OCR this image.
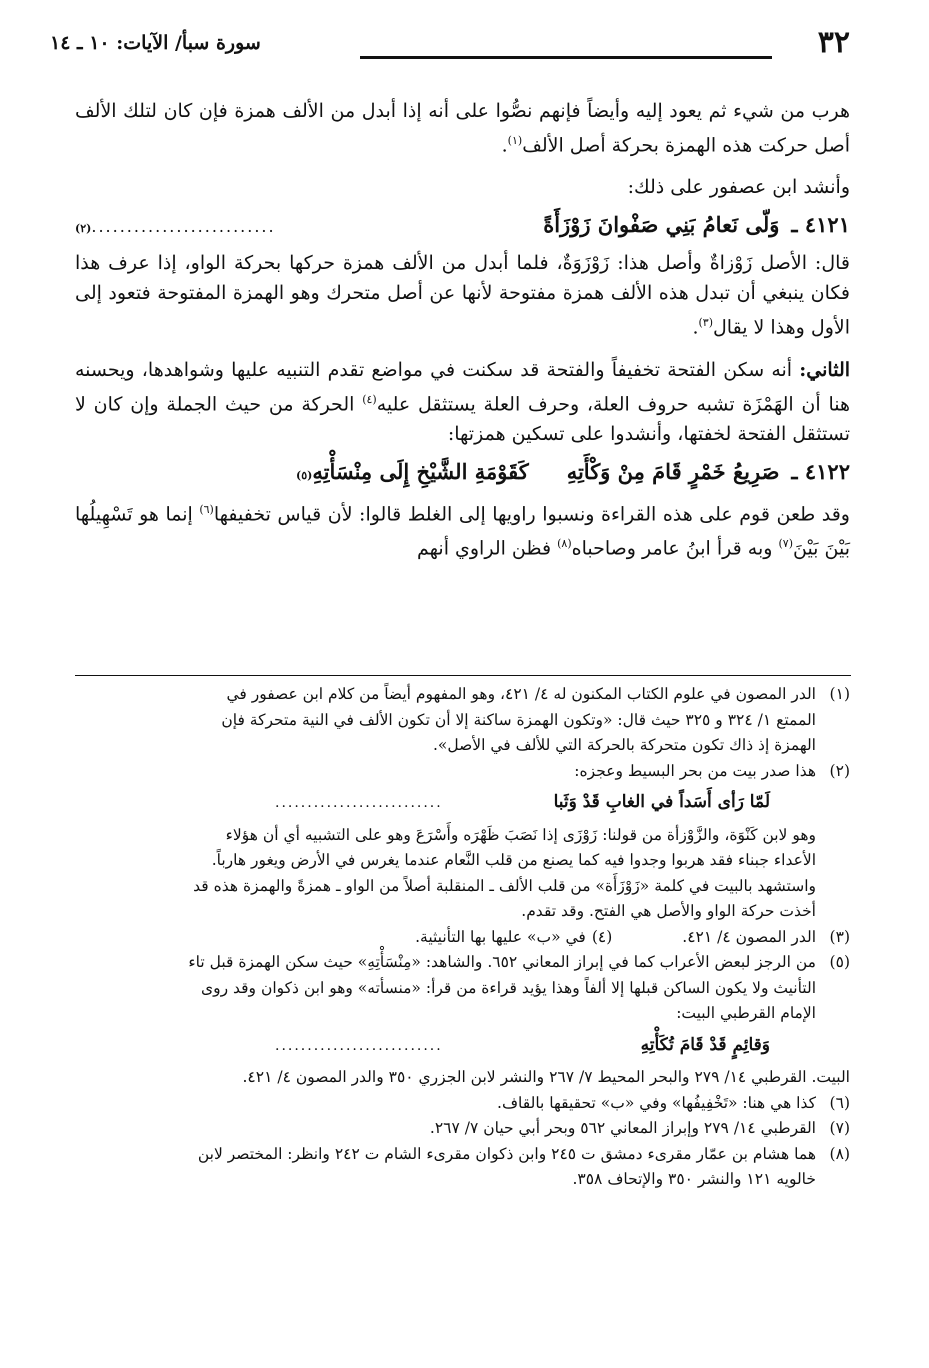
٣٢
سورة سبأ/ الآيات: ١٠ ـ ١٤

هرب من شيء ثم يعود إليه وأيضاً فإنهم نصُّوا على أنه إذا أبدل من الألف همزة فإن كان لتلك الألف أصل حركت هذه الهمزة بحركة أصل الألف$^{(١)}$.

وأنشد ابن عصفور على ذلك:

٤١٢١ ـ
وَلّى نَعامُ بَنِي صَفْوانَ زَوْزَأَةً
..........................
(٢)

قال: الأصل زَوْزاةٌ وأصل هذا: زَوْزَوَةٌ، فلما أبدل من الألف همزة حركها بحركة الواو، إذا عرف هذا فكان ينبغي أن تبدل هذه الألف همزة مفتوحة لأنها عن أصل متحرك وهو الهمزة المفتوحة فتعود إلى الأول وهذا لا يقال$^{(٣)}$.

الثاني: أنه سكن الفتحة تخفيفاً والفتحة قد سكنت في مواضع تقدم التنبيه عليها وشواهدها، ويحسنه هنا أن الهَمْزَة تشبه حروف العلة، وحرف العلة يستثقل عليه$^{(٤)}$ الحركة من حيث الجملة وإن كان لا تستثقل الفتحة لخفتها، وأنشدوا على تسكين همزتها:

٤١٢٢ ـ
صَرِيعُ خَمْرٍ قَامَ مِنْ وَكْأَتِهِ
كَقَوْمَةِ الشَّيْخِ إِلَى مِنْسَأْتِهِ
(٥)

وقد طعن قوم على هذه القراءة ونسبوا راويها إلى الغلط قالوا: لأن قياس تخفيفها$^{(٦)}$ إنما هو تَسْهِيلُها بَيْنَ بَيْنَ$^{(٧)}$ وبه قرأ ابنُ عامر وصاحباه$^{(٨)}$ فظن الراوي أنهم

(١)
الدر المصون في علوم الكتاب المكنون له ٤/ ٤٢١، وهو المفهوم أيضاً من كلام ابن عصفور في
الممتع ١/ ٣٢٤ و ٣٢٥ حيث قال: «وتكون الهمزة ساكنة إلا أن تكون الألف في النية متحركة فإن
الهمزة إذ ذاك تكون متحركة بالحركة التي للألف في الأصل».
(٢)
هذا صدر بيت من بحر البسيط وعجزه:
لَمّا رَأى أَسَداً في الغابِ قَدْ وَثَبا
..........................
وهو لابن كَنْوَة، والزَّوْزأة من قولنا: زَوْزَى إذا نَصَبَ ظَهْرَه وأَسْرَعَ وهو على التشبيه أي أن هؤلاء
الأعداء جبناء فقد هربوا وجدوا فيه كما يصنع من قلب النَّعام عندما يغرس في الأرض ويغور هارباً.
واستشهد بالبيت في كلمة «زَوْزَأَة» من قلب الألف ـ المنقلبة أصلاً من الواو ـ همزةً والهمزة هذه قد
أخذت حركة الواو والأصل هي الفتح. وقد تقدم.
(٣)
الدر المصون ٤/ ٤٢١.
(٤)
في «ب» عليها بها التأنيثية.
(٥)
من الرجز لبعض الأعراب كما في إبراز المعاني ٦٥٢. والشاهد: «مِنْسَأْتِهِ» حيث سكن الهمزة قبل تاء
التأنيث ولا يكون الساكن قبلها إلا ألفاً وهذا يؤيد قراءة من قرأ: «منسأته» وهو ابن ذكوان وقد روى
الإمام القرطبي البيت:
وَقائِمٍ قَدْ قَامَ تُكَأْتِهِ
..........................
البيت. القرطبي ١٤/ ٢٧٩ والبحر المحيط ٧/ ٢٦٧ والنشر لابن الجزري ٣٥٠ والدر المصون ٤/ ٤٢١.
(٦)
كذا هي هنا: «تَخْفِيفُها» وفي «ب» تحقيقها بالقاف.
(٧)
القرطبي ١٤/ ٢٧٩ وإبراز المعاني ٥٦٢ وبحر أبي حيان ٧/ ٢٦٧.
(٨)
هما هشام بن عمّار مقرىء دمشق ت ٢٤٥ وابن ذكوان مقرىء الشام ت ٢٤٢ وانظر: المختصر لابن
خالويه ١٢١ والنشر ٣٥٠ والإتحاف ٣٥٨.
